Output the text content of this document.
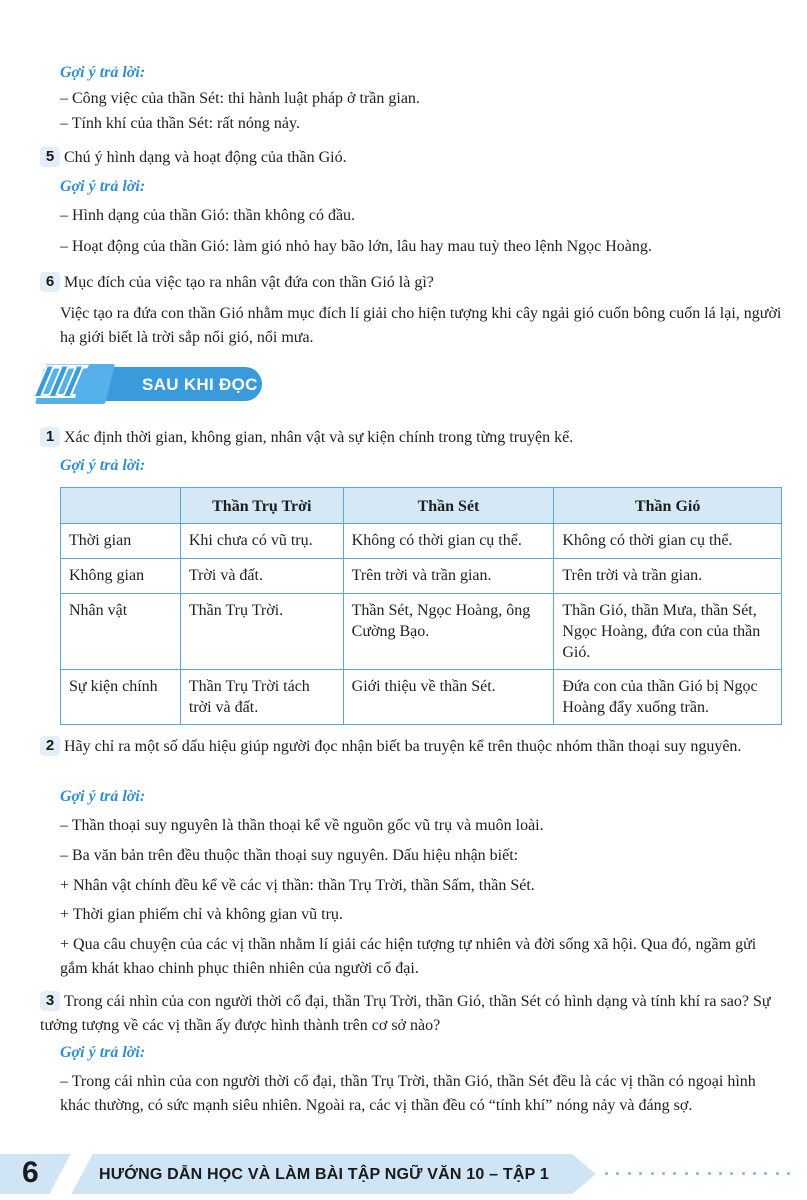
Gợi ý trả lời:
– Công việc của thần Sét: thi hành luật pháp ở trần gian.
– Tính khí của thần Sét: rất nóng nảy.
5 Chú ý hình dạng và hoạt động của thần Gió.
Gợi ý trả lời:
– Hình dạng của thần Gió: thần không có đầu.
– Hoạt động của thần Gió: làm gió nhỏ hay bão lớn, lâu hay mau tuỳ theo lệnh Ngọc Hoàng.
6 Mục đích của việc tạo ra nhân vật đứa con thần Gió là gì?
Việc tạo ra đứa con thần Gió nhằm mục đích lí giải cho hiện tượng khi cây ngải gió cuốn bông cuốn lá lại, người hạ giới biết là trời sắp nổi gió, nổi mưa.
III	SAU KHI ĐỌC
1 Xác định thời gian, không gian, nhân vật và sự kiện chính trong từng truyện kể.
Gợi ý trả lời:
	Thần Trụ Trời	Thần Sét	Thần Gió
Thời gian	Khi chưa có vũ trụ.	Không có thời gian cụ thể.	Không có thời gian cụ thể.
Không gian	Trời và đất.	Trên trời và trần gian.	Trên trời và trần gian.
Nhân vật	Thần Trụ Trời.	Thần Sét, Ngọc Hoàng, ông Cường Bạo.	Thần Gió, thần Mưa, thần Sét, Ngọc Hoàng, đứa con của thần Gió.
Sự kiện chính	Thần Trụ Trời tách trời và đất.	Giới thiệu về thần Sét.	Đứa con của thần Gió bị Ngọc Hoàng đẩy xuống trần.
2 Hãy chỉ ra một số dấu hiệu giúp người đọc nhận biết ba truyện kể trên thuộc nhóm thần thoại suy nguyên.
Gợi ý trả lời:
– Thần thoại suy nguyên là thần thoại kể về nguồn gốc vũ trụ và muôn loài.
– Ba văn bản trên đều thuộc thần thoại suy nguyên. Dấu hiệu nhận biết:
+ Nhân vật chính đều kể về các vị thần: thần Trụ Trời, thần Sấm, thần Sét.
+ Thời gian phiếm chỉ và không gian vũ trụ.
+ Qua câu chuyện của các vị thần nhằm lí giải các hiện tượng tự nhiên và đời sống xã hội. Qua đó, ngầm gửi gắm khát khao chinh phục thiên nhiên của người cổ đại.
3 Trong cái nhìn của con người thời cổ đại, thần Trụ Trời, thần Gió, thần Sét có hình dạng và tính khí ra sao? Sự tưởng tượng về các vị thần ấy được hình thành trên cơ sở nào?
Gợi ý trả lời:
– Trong cái nhìn của con người thời cổ đại, thần Trụ Trời, thần Gió, thần Sét đều là các vị thần có ngoại hình khác thường, có sức mạnh siêu nhiên. Ngoài ra, các vị thần đều có “tính khí” nóng nảy và đáng sợ.
6	HƯỚNG DẪN HỌC VÀ LÀM BÀI TẬP NGỮ VĂN 10 – TẬP 1
